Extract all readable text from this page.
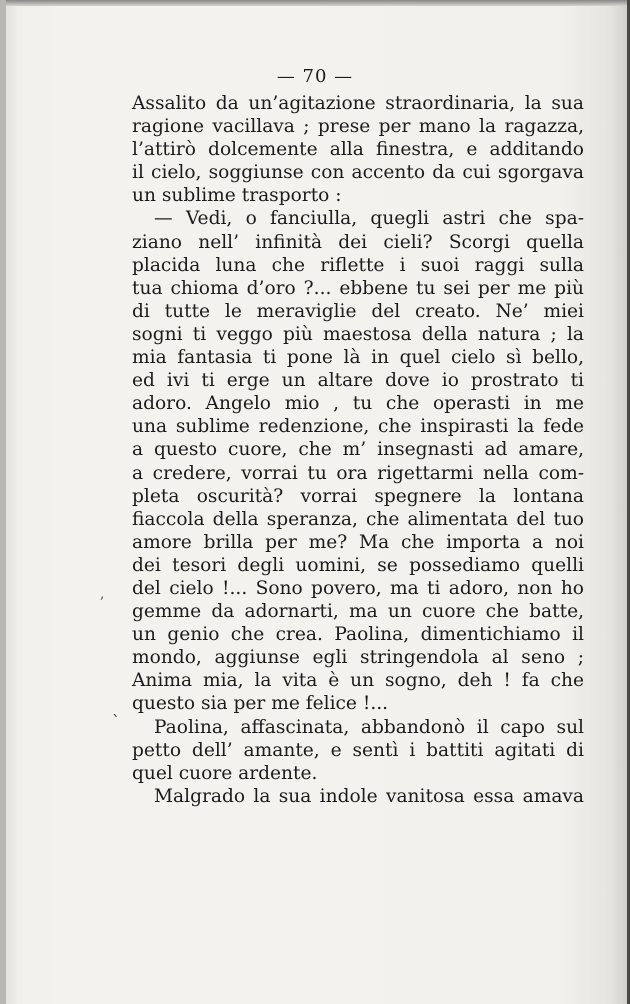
— 70 —
,
`
Assalito da un’agitazione straordinaria, la sua
ragione vacillava ; prese per mano la ragazza,
l’attirò dolcemente alla finestra, e additando
il cielo, soggiunse con accento da cui sgorgava
un sublime trasporto :
— Vedi, o fanciulla, quegli astri che spa-
ziano nell’ infinità dei cieli? Scorgi quella
placida luna che riflette i suoi raggi sulla
tua chioma d’oro ?... ebbene tu sei per me più
di tutte le meraviglie del creato. Ne’ miei
sogni ti veggo più maestosa della natura ; la
mia fantasia ti pone là in quel cielo sì bello,
ed ivi ti erge un altare dove io prostrato ti
adoro. Angelo mio , tu che operasti in me
una sublime redenzione, che inspirasti la fede
a questo cuore, che m’ insegnasti ad amare,
a credere, vorrai tu ora rigettarmi nella com-
pleta oscurità? vorrai spegnere la lontana
fiaccola della speranza, che alimentata del tuo
amore brilla per me? Ma che importa a noi
dei tesori degli uomini, se possediamo quelli
del cielo !... Sono povero, ma ti adoro, non ho
gemme da adornarti, ma un cuore che batte,
un genio che crea. Paolina, dimentichiamo il
mondo, aggiunse egli stringendola al seno ;
Anima mia, la vita è un sogno, deh ! fa che
questo sia per me felice !...
Paolina, affascinata, abbandonò il capo sul
petto dell’ amante, e sentì i battiti agitati di
quel cuore ardente.
Malgrado la sua indole vanitosa essa amava
